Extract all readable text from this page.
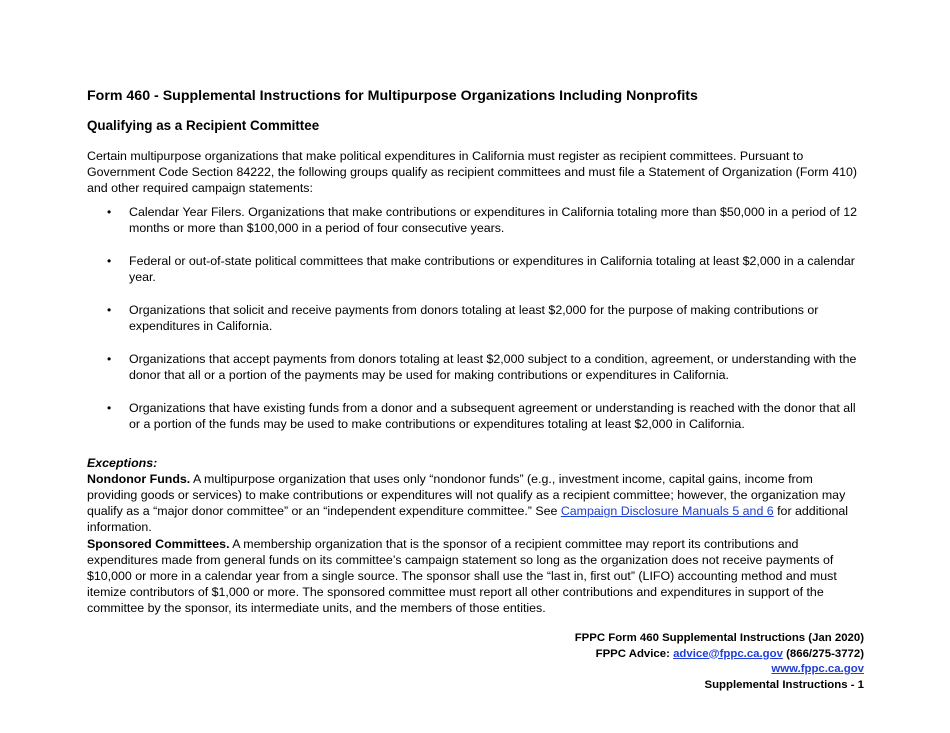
Form 460 - Supplemental Instructions for Multipurpose Organizations Including Nonprofits
Qualifying as a Recipient Committee

Certain multipurpose organizations that make political expenditures in California must register as recipient committees. Pursuant to Government Code Section 84222, the following groups qualify as recipient committees and must file a Statement of Organization (Form 410) and other required campaign statements:

• Calendar Year Filers. Organizations that make contributions or expenditures in California totaling more than $50,000 in a period of 12 months or more than $100,000 in a period of four consecutive years.
• Federal or out-of-state political committees that make contributions or expenditures in California totaling at least $2,000 in a calendar year.
• Organizations that solicit and receive payments from donors totaling at least $2,000 for the purpose of making contributions or expenditures in California.
• Organizations that accept payments from donors totaling at least $2,000 subject to a condition, agreement, or understanding with the donor that all or a portion of the payments may be used for making contributions or expenditures in California.
• Organizations that have existing funds from a donor and a subsequent agreement or understanding is reached with the donor that all or a portion of the funds may be used to make contributions or expenditures totaling at least $2,000 in California.
Exceptions:

Nondonor Funds. A multipurpose organization that uses only “nondonor funds” (e.g., investment income, capital gains, income from providing goods or services) to make contributions or expenditures will not qualify as a recipient committee; however, the organization may qualify as a “major donor committee” or an “independent expenditure committee.” See Campaign Disclosure Manuals 5 and 6 for additional information.

Sponsored Committees. A membership organization that is the sponsor of a recipient committee may report its contributions and expenditures made from general funds on its committee’s campaign statement so long as the organization does not receive payments of $10,000 or more in a calendar year from a single source. The sponsor shall use the “last in, first out” (LIFO) accounting method and must itemize contributors of $1,000 or more. The sponsored committee must report all other contributions and expenditures in support of the committee by the sponsor, its intermediate units, and the members of those entities.

FPPC Form 460 Supplemental Instructions (Jan 2020)
FPPC Advice: advice@fppc.ca.gov (866/275-3772)
www.fppc.ca.gov
Supplemental Instructions - 1
